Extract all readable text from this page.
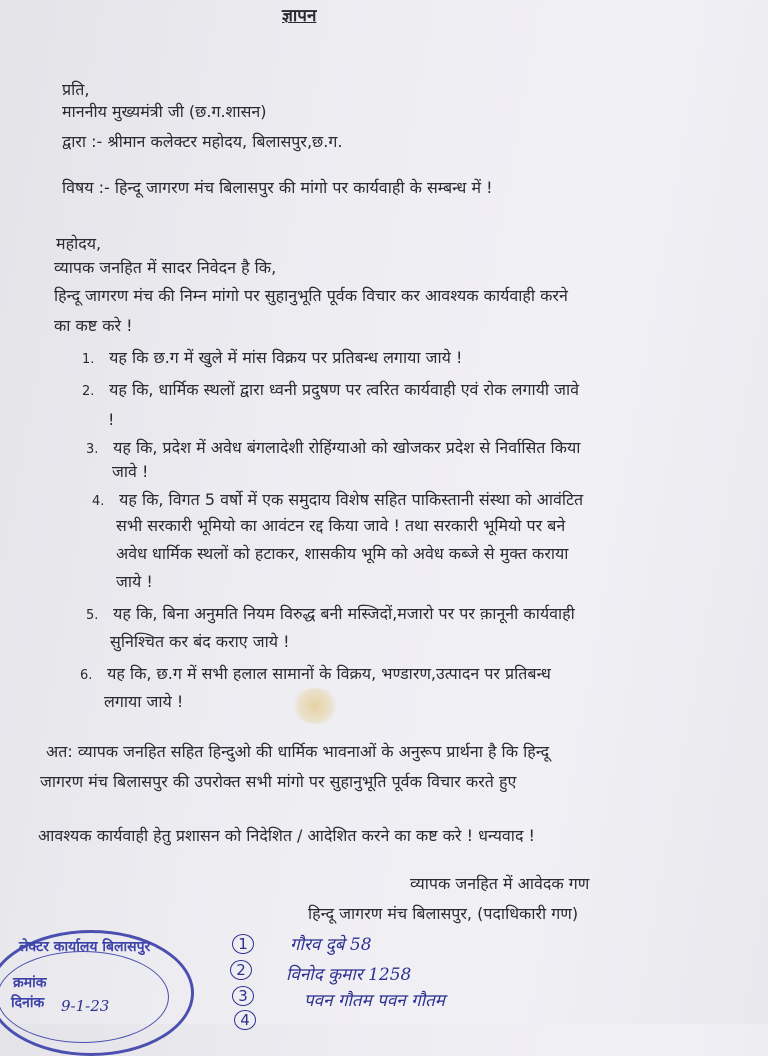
ज्ञापन
प्रति,
माननीय मुख्यमंत्री जी (छ.ग.शासन)
द्वारा :- श्रीमान कलेक्टर महोदय, बिलासपुर,छ.ग.
विषय :- हिन्दू जागरण मंच बिलासपुर की मांगो पर कार्यवाही के सम्बन्ध में !
महोदय,
व्यापक जनहित में सादर निवेदन है कि,
हिन्दू जागरण मंच की निम्न मांगो पर सुहानुभूति पूर्वक विचार कर आवश्यक कार्यवाही करने
का कष्ट करे !
1. यह कि छ.ग में खुले में मांस विक्रय पर प्रतिबन्ध लगाया जाये !
2. यह कि, धार्मिक स्थलों द्वारा ध्वनी प्रदुषण पर त्वरित कार्यवाही एवं रोक लगायी जावे
!
3. यह कि, प्रदेश में अवेध बंगलादेशी रोहिंग्याओ को खोजकर प्रदेश से निर्वासित किया
जावे !
4. यह कि, विगत 5 वर्षो में एक समुदाय विशेष सहित पाकिस्तानी संस्था को आवंटित
सभी सरकारी भूमियो का आवंटन रद्द किया जावे ! तथा सरकारी भूमियो पर बने
अवेध धार्मिक स्थलों को हटाकर, शासकीय भूमि को अवेध कब्जे से मुक्त कराया
जाये !
5. यह कि, बिना अनुमति नियम विरुद्ध बनी मस्जिदों,मजारो पर पर क़ानूनी कार्यवाही
सुनिश्चित कर बंद कराए जाये !
6. यह कि, छ.ग में सभी हलाल सामानों के विक्रय, भण्डारण,उत्पादन पर प्रतिबन्ध
लगाया जाये !
अत: व्यापक जनहित सहित हिन्दुओ की धार्मिक भावनाओं के अनुरूप प्रार्थना है कि हिन्दू
जागरण मंच बिलासपुर की उपरोक्त सभी मांगो पर सुहानुभूति पूर्वक विचार करते हुए
आवश्यक कार्यवाही हेतु प्रशासन को निदेशित / आदेशित करने का कष्ट करे ! धन्यवाद !
व्यापक जनहित में आवेदक गण
हिन्दू जागरण मंच बिलासपुर, (पदाधिकारी गण)
लेक्टर कार्यालय बिलासपुर
क्रमांक
दिनांक 9-1-23
1	गौरव दुबे 58
2	विनोद कुमार 1258
3	पवन गौतम पवन गौतम
4
